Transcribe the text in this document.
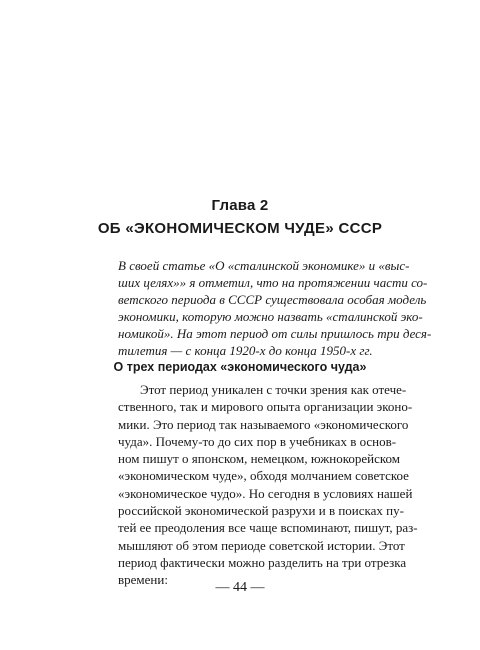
Глава 2
ОБ «ЭКОНОМИЧЕСКОМ ЧУДЕ» СССР
В своей статье «О «сталинской экономике» и «выс-
ших целях»» я отметил, что на протяжении части со-
ветского периода в СССР существовала особая модель
экономики, которую можно назвать «сталинской эко-
номикой». На этот период от силы пришлось три деся-
тилетия — с конца 1920-х до конца 1950-х гг.
О трех периодах «экономического чуда»
Этот период уникален с точки зрения как отече-
ственного, так и мирового опыта организации эконо-
мики. Это период так называемого «экономического
чуда». Почему-то до сих пор в учебниках в основ-
ном пишут о японском, немецком, южнокорейском
«экономическом чуде», обходя молчанием советское
«экономическое чудо». Но сегодня в условиях нашей
российской экономической разрухи и в поисках пу-
тей ее преодоления все чаще вспоминают, пишут, раз-
мышляют об этом периоде советской истории. Этот
период фактически можно разделить на три отрезка
времени:
— 44 —
